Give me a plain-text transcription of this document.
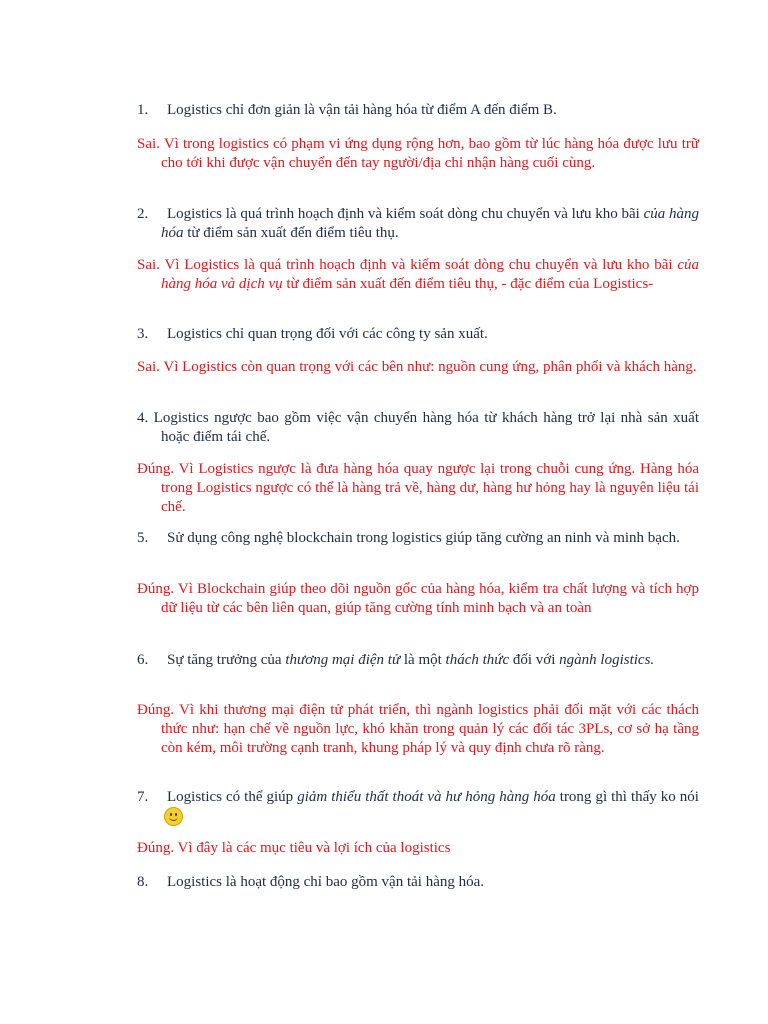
1. Logistics chỉ đơn giản là vận tải hàng hóa từ điểm A đến điểm B.

Sai. Vì trong logistics có phạm vi ứng dụng rộng hơn, bao gồm từ lúc hàng hóa được lưu trữ cho tới khi được vận chuyển đến tay người/địa chỉ nhận hàng cuối cùng.

2. Logistics là quá trình hoạch định và kiểm soát dòng chu chuyển và lưu kho bãi của hàng hóa từ điểm sản xuất đến điểm tiêu thụ.

Sai. Vì Logistics là quá trình hoạch định và kiểm soát dòng chu chuyển và lưu kho bãi của hàng hóa và dịch vụ từ điểm sản xuất đến điểm tiêu thụ, - đặc điểm của Logistics-

3. Logistics chỉ quan trọng đối với các công ty sản xuất.

Sai. Vì Logistics còn quan trọng với các bên như: nguồn cung ứng, phân phối và khách hàng.

4. Logistics ngược bao gồm việc vận chuyển hàng hóa từ khách hàng trở lại nhà sản xuất hoặc điểm tái chế.

Đúng. Vì Logistics ngược là đưa hàng hóa quay ngược lại trong chuỗi cung ứng. Hàng hóa trong Logistics ngược có thể là hàng trả về, hàng dư, hàng hư hỏng hay là nguyên liệu tái chế.

5. Sử dụng công nghệ blockchain trong logistics giúp tăng cường an ninh và minh bạch.

Đúng. Vì Blockchain giúp theo dõi nguồn gốc của hàng hóa, kiểm tra chất lượng và tích hợp dữ liệu từ các bên liên quan, giúp tăng cường tính minh bạch và an toàn

6. Sự tăng trưởng của thương mại điện tử là một thách thức đối với ngành logistics.

Đúng. Vì khi thương mại điện tử phát triển, thì ngành logistics phải đối mặt với các thách thức như: hạn chế về nguồn lực, khó khăn trong quản lý các đối tác 3PLs, cơ sở hạ tầng còn kém, môi trường cạnh tranh, khung pháp lý và quy định chưa rõ ràng.

7. Logistics có thể giúp giảm thiểu thất thoát và hư hỏng hàng hóa trong gì thì thấy ko nói

Đúng. Vì đây là các mục tiêu và lợi ích của logistics

8. Logistics là hoạt động chỉ bao gồm vận tải hàng hóa.
